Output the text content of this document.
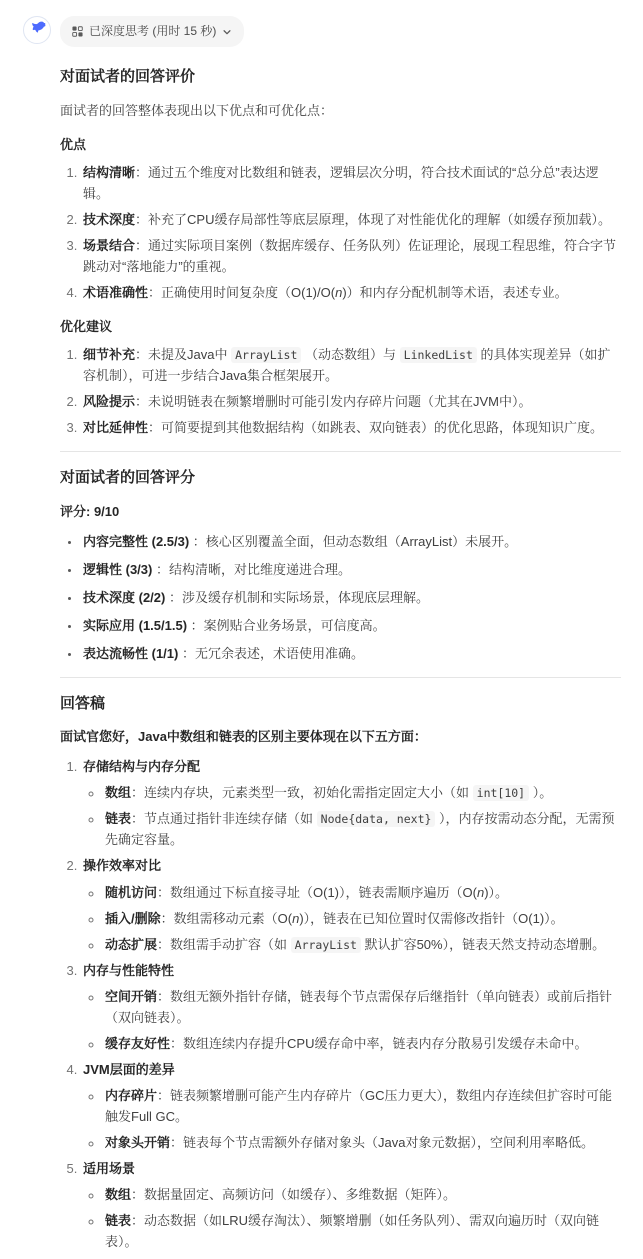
已深度思考 (用时 15 秒)
对面试者的回答评价

面试者的回答整体表现出以下优点和可优化点：

优点
1. 结构清晰：通过五个维度对比数组和链表，逻辑层次分明，符合技术面试的“总分总”表达逻辑。
2. 技术深度：补充了CPU缓存局部性等底层原理，体现了对性能优化的理解（如缓存预加载）。
3. 场景结合：通过实际项目案例（数据库缓存、任务队列）佐证理论，展现工程思维，符合字节跳动对“落地能力”的重视。
4. 术语准确性：正确使用时间复杂度（O(1)/O(n)）和内存分配机制等术语，表述专业。
优化建议
1. 细节补充：未提及Java中 ArrayList （动态数组）与 LinkedList 的具体实现差异（如扩容机制），可进一步结合Java集合框架展开。
2. 风险提示：未说明链表在频繁增删时可能引发内存碎片问题（尤其在JVM中）。
3. 对比延伸性：可简要提到其他数据结构（如跳表、双向链表）的优化思路，体现知识广度。
对面试者的回答评分

评分: 9/10

• 内容完整性 (2.5/3) ：核心区别覆盖全面，但动态数组（ArrayList）未展开。
• 逻辑性 (3/3) ：结构清晰，对比维度递进合理。
• 技术深度 (2/2) ：涉及缓存机制和实际场景，体现底层理解。
• 实际应用 (1.5/1.5) ：案例贴合业务场景，可信度高。
• 表达流畅性 (1/1) ：无冗余表述，术语使用准确。
回答稿

面试官您好，Java中数组和链表的区别主要体现在以下五方面：

1. 存储结构与内存分配
◦ 数组：连续内存块，元素类型一致，初始化需指定固定大小（如 int[10] ）。
◦ 链表：节点通过指针非连续存储（如 Node{data, next} ），内存按需动态分配，无需预先确定容量。
2. 操作效率对比
◦ 随机访问：数组通过下标直接寻址（O(1)），链表需顺序遍历（O(n)）。
◦ 插入/删除：数组需移动元素（O(n)），链表在已知位置时仅需修改指针（O(1)）。
◦ 动态扩展：数组需手动扩容（如 ArrayList 默认扩容50%），链表天然支持动态增删。
3. 内存与性能特性
◦ 空间开销：数组无额外指针存储，链表每个节点需保存后继指针（单向链表）或前后指针（双向链表）。
◦ 缓存友好性：数组连续内存提升CPU缓存命中率，链表内存分散易引发缓存未命中。
4. JVM层面的差异
◦ 内存碎片：链表频繁增删可能产生内存碎片（GC压力更大），数组内存连续但扩容时可能触发Full GC。
◦ 对象头开销：链表每个节点需额外存储对象头（Java对象元数据），空间利用率略低。
5. 适用场景
◦ 数组：数据量固定、高频访问（如缓存）、多维数据（矩阵）。
◦ 链表：动态数据（如LRU缓存淘汰）、频繁增删（如任务队列）、需双向遍历时（双向链表）。
